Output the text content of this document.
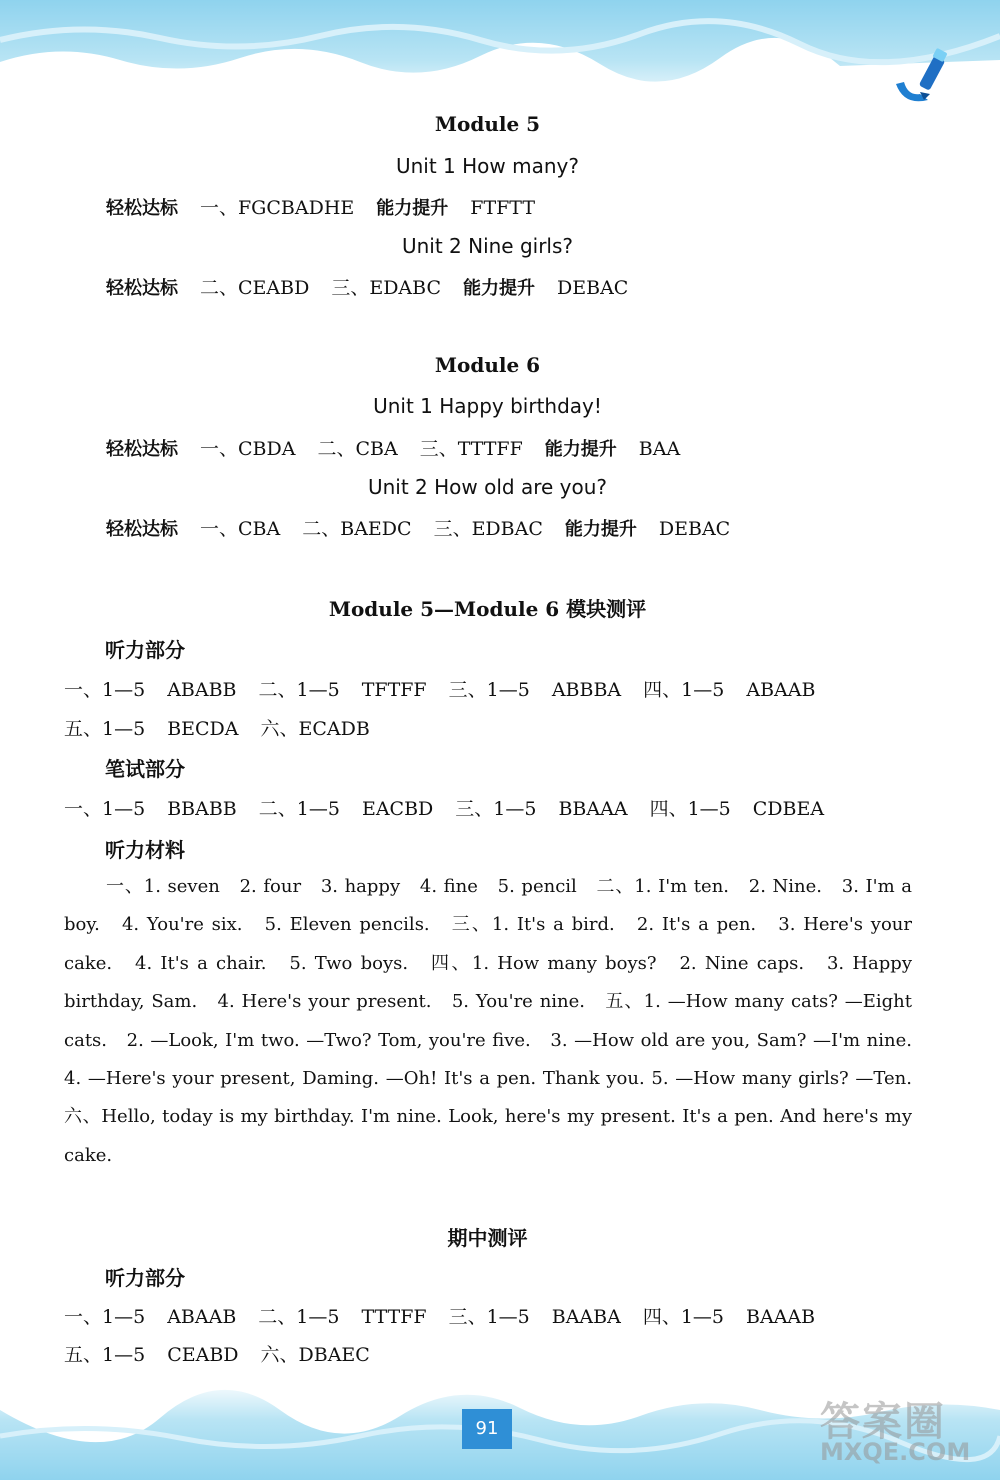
Module 5
Unit 1 How many?
轻松达标 一、FGCBADHE 能力提升 FTFTT
Unit 2 Nine girls?
轻松达标 二、CEABD 三、EDABC 能力提升 DEBAC
Module 6
Unit 1 Happy birthday!
轻松达标 一、CBDA 二、CBA 三、TTTFF 能力提升 BAA
Unit 2 How old are you?
轻松达标 一、CBA 二、BAEDC 三、EDBAC 能力提升 DEBAC
Module 5—Module 6 模块测评
听力部分
一、1—5 ABABB 二、1—5 TFTFF 三、1—5 ABBBA 四、1—5 ABAAB
五、1—5 BECDA 六、ECADB
笔试部分
一、1—5 BBABB 二、1—5 EACBD 三、1—5 BBAAA 四、1—5 CDBEA
听力材料
一、1. seven　2. four　3. happy　4. fine　5. pencil　二、1. I'm ten.　2. Nine.　3. I'm a boy.　4. You're six.　5. Eleven pencils.　三、1. It's a bird.　2. It's a pen.　3. Here's your cake.　4. It's a chair.　5. Two boys.　四、1. How many boys?　2. Nine caps.　3. Happy birthday, Sam.　4. Here's your present.　5. You're nine.　五、1. —How many cats? —Eight cats.　2. —Look, I'm two. —Two? Tom, you're five.　3. —How old are you, Sam? —I'm nine.　4. —Here's your present, Daming. —Oh! It's a pen. Thank you. 5. —How many girls? —Ten.　六、Hello, today is my birthday. I'm nine. Look, here's my present. It's a pen. And here's my cake.
期中测评
听力部分
一、1—5 ABAAB 二、1—5 TTTFF 三、1—5 BAABA 四、1—5 BAAAB
五、1—5 CEABD 六、DBAEC
91	答案圈
MXQE.COM
